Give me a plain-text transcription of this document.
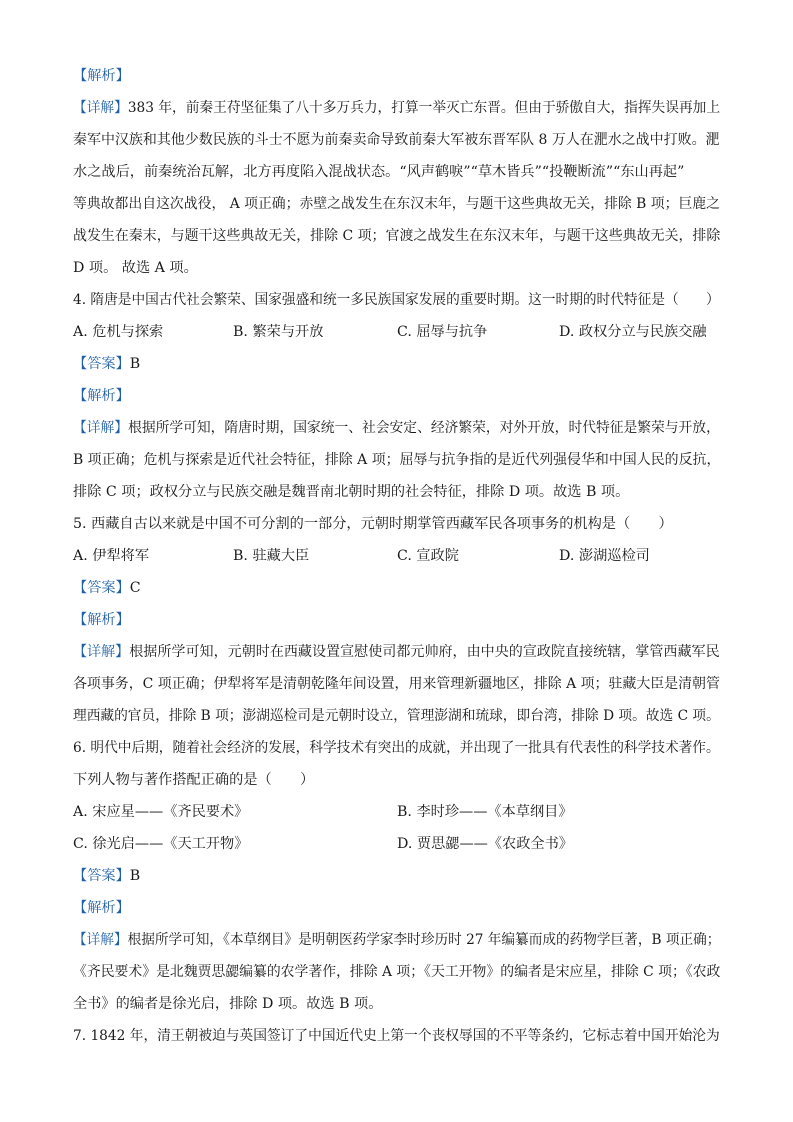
【解析】
【详解】383 年，前秦王苻坚征集了八十多万兵力，打算一举灭亡东晋。但由于骄傲自大，指挥失误再加上
秦军中汉族和其他少数民族的斗士不愿为前秦卖命导致前秦大军被东晋军队 8 万人在淝水之战中打败。淝
水之战后，前秦统治瓦解，北方再度陷入混战状态。“风声鹤唳”“草木皆兵”“投鞭断流”“东山再起”
等典故都出自这次战役， A 项正确；赤壁之战发生在东汉末年，与题干这些典故无关，排除 B 项；巨鹿之
战发生在秦末，与题干这些典故无关，排除 C 项；官渡之战发生在东汉末年，与题干这些典故无关，排除
D 项。 故选 A 项。
4. 隋唐是中国古代社会繁荣、国家强盛和统一多民族国家发展的重要时期。这一时期的时代特征是（　　）
A. 危机与探索	B. 繁荣与开放	C. 屈辱与抗争	D. 政权分立与民族交融
【答案】B
【解析】
【详解】根据所学可知，隋唐时期，国家统一、社会安定、经济繁荣，对外开放，时代特征是繁荣与开放，
B 项正确；危机与探索是近代社会特征，排除 A 项；屈辱与抗争指的是近代列强侵华和中国人民的反抗，
排除 C 项；政权分立与民族交融是魏晋南北朝时期的社会特征，排除 D 项。故选 B 项。
5. 西藏自古以来就是中国不可分割的一部分，元朝时期掌管西藏军民各项事务的机构是（　　）
A. 伊犁将军	B. 驻藏大臣	C. 宣政院	D. 澎湖巡检司
【答案】C
【解析】
【详解】根据所学可知，元朝时在西藏设置宣慰使司都元帅府，由中央的宣政院直接统辖，掌管西藏军民
各项事务，C 项正确；伊犁将军是清朝乾隆年间设置，用来管理新疆地区，排除 A 项；驻藏大臣是清朝管
理西藏的官员，排除 B 项；澎湖巡检司是元朝时设立，管理澎湖和琉球，即台湾，排除 D 项。故选 C 项。
6. 明代中后期，随着社会经济的发展，科学技术有突出的成就，并出现了一批具有代表性的科学技术著作。
下列人物与著作搭配正确的是（　　）
A. 宋应星——《齐民要术》	B. 李时珍——《本草纲目》
C. 徐光启——《天工开物》	D. 贾思勰——《农政全书》
【答案】B
【解析】
【详解】根据所学可知，《本草纲目》是明朝医药学家李时珍历时 27 年编纂而成的药物学巨著，B 项正确；
《齐民要术》是北魏贾思勰编纂的农学著作，排除 A 项；《天工开物》的编者是宋应星，排除 C 项；《农政
全书》的编者是徐光启，排除 D 项。故选 B 项。
7. 1842 年，清王朝被迫与英国签订了中国近代史上第一个丧权辱国的不平等条约，它标志着中国开始沦为
